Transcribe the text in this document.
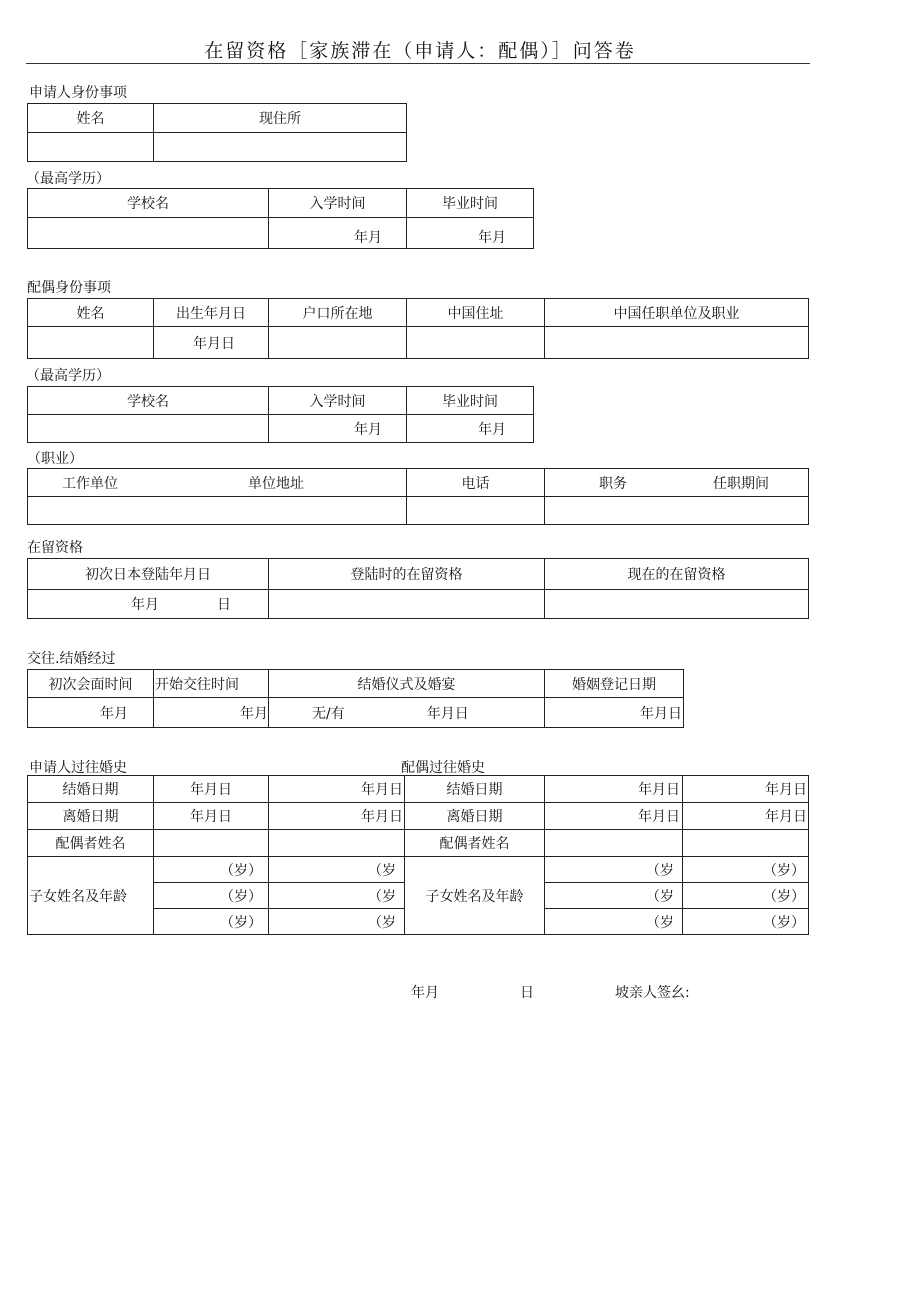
在留资格［家族滞在（申请人：配偶）］问答卷
申请人身份事项
姓名	现住所

（最高学历）
学校名	入学时间	毕业时间
	年月	年月
配偶身份事项
姓名	出生年月日	户口所在地	中国住址	中国任职单位及职业
	年月日			
（最高学历）
学校名	入学时间	毕业时间
	年月	年月
（职业）
工作单位 单位地址	电话	职务 任职期间

在留资格
初次日本登陆年月日	登陆时的在留资格	现在的在留资格
年月 日		
交往.结婚经过
初次会面时间	开始交往时间	结婚仪式及婚宴	婚姻登记日期
年月	年月	无/有 年月日	年月日
申请人过往婚史	配偶过往婚史
结婚日期	年月日	年月日	结婚日期	年月日	年月日
离婚日期	年月日	年月日	离婚日期	年月日	年月日
配偶者姓名			配偶者姓名		
子女姓名及年龄	（岁）	（岁	子女姓名及年龄	（岁	（岁）
	（岁）	（岁		（岁	（岁）
	（岁）	（岁		（岁	（岁）
年月	日	坡亲人签幺:
